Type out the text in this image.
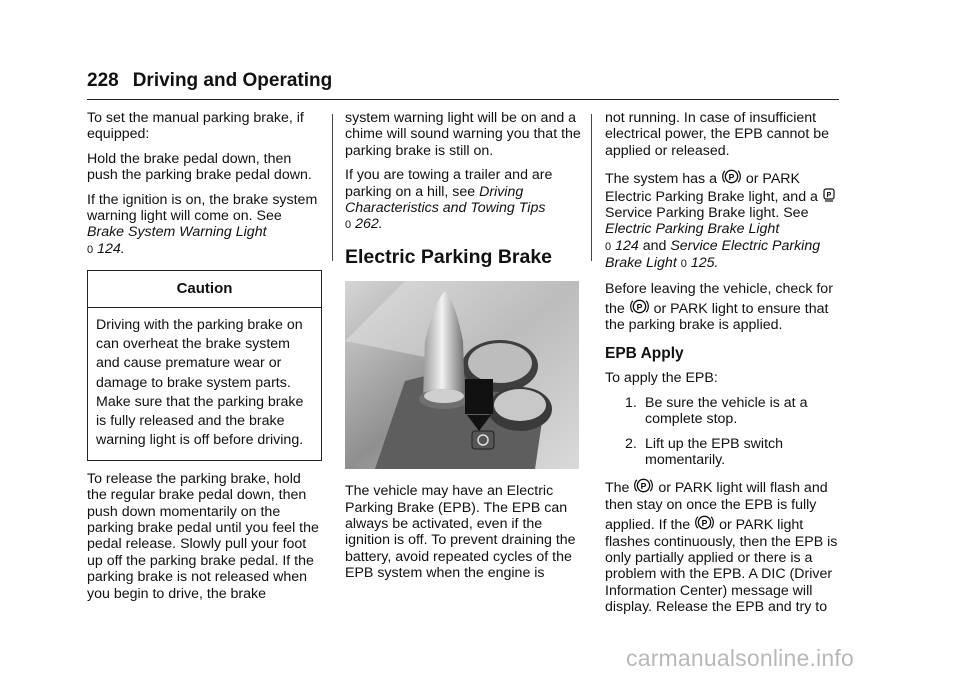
228 Driving and Operating

To set the manual parking brake, if equipped:

Hold the brake pedal down, then push the parking brake pedal down.

If the ignition is on, the brake system warning light will come on. See Brake System Warning Light
0 124.

Caution
Driving with the parking brake on can overheat the brake system and cause premature wear or damage to brake system parts. Make sure that the parking brake is fully released and the brake warning light is off before driving.

To release the parking brake, hold the regular brake pedal down, then push down momentarily on the parking brake pedal until you feel the pedal release. Slowly pull your foot up off the parking brake pedal. If the parking brake is not released when you begin to drive, the brake

system warning light will be on and a chime will sound warning you that the parking brake is still on.

If you are towing a trailer and are parking on a hill, see Driving Characteristics and Towing Tips
0 262.

Electric Parking Brake

The vehicle may have an Electric Parking Brake (EPB). The EPB can always be activated, even if the ignition is off. To prevent draining the battery, avoid repeated cycles of the EPB system when the engine is

not running. In case of insufficient electrical power, the EPB cannot be applied or released.

The system has a P or PARK Electric Parking Brake light, and a P
Service Parking Brake light. See Electric Parking Brake Light
0 124 and Service Electric Parking Brake Light 0 125.

Before leaving the vehicle, check for the P or PARK light to ensure that the parking brake is applied.

EPB Apply

To apply the EPB:

1. Be sure the vehicle is at a complete stop.
2. Lift up the EPB switch momentarily.

The P or PARK light will flash and then stay on once the EPB is fully applied. If the P or PARK light flashes continuously, then the EPB is only partially applied or there is a problem with the EPB. A DIC (Driver Information Center) message will display. Release the EPB and try to

carmanualsonline.info
